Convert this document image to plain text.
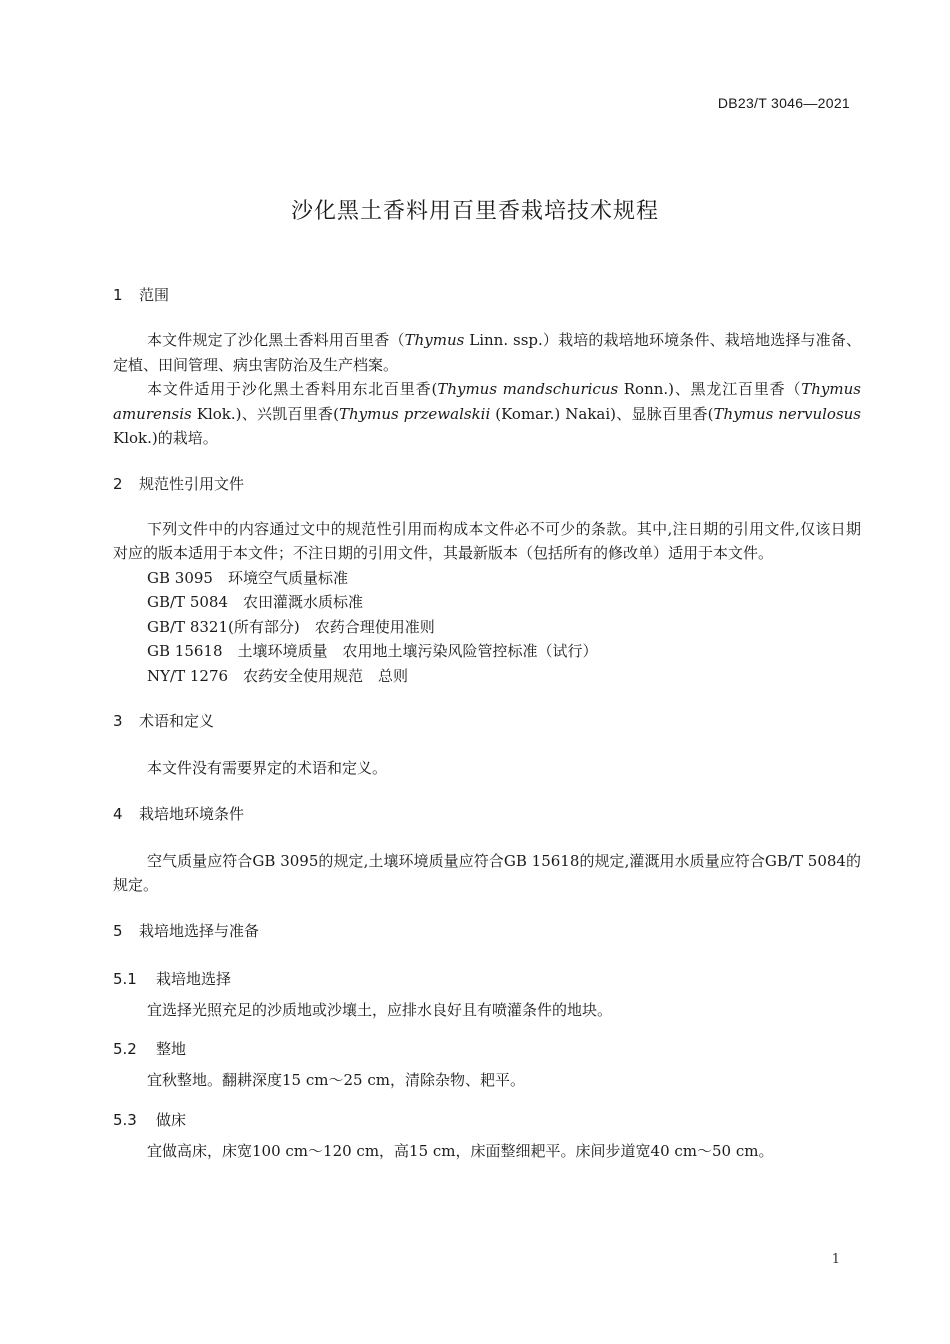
DB23/T 3046—2021
沙化黑土香料用百里香栽培技术规程
1	范围

本文件规定了沙化黑土香料用百里香（Thymus Linn. ssp.）栽培的栽培地环境条件、栽培地选择与准备、定植、田间管理、病虫害防治及生产档案。

本文件适用于沙化黑土香料用东北百里香(Thymus mandschuricus Ronn.)、黑龙江百里香（Thymus amurensis Klok.)、兴凯百里香(Thymus przewalskii (Komar.) Nakai)、显脉百里香(Thymus nervulosus Klok.)的栽培。

2	规范性引用文件

下列文件中的内容通过文中的规范性引用而构成本文件必不可少的条款。其中,注日期的引用文件,仅该日期对应的版本适用于本文件；不注日期的引用文件，其最新版本（包括所有的修改单）适用于本文件。

GB 3095　环境空气质量标准
GB/T 5084　农田灌溉水质标准
GB/T 8321(所有部分)　农药合理使用准则
GB 15618　土壤环境质量　农用地土壤污染风险管控标准（试行）
NY/T 1276　农药安全使用规范　总则
3	术语和定义

本文件没有需要界定的术语和定义。

4	栽培地环境条件

空气质量应符合GB 3095的规定,土壤环境质量应符合GB 15618的规定,灌溉用水质量应符合GB/T 5084的规定。

5	栽培地选择与准备
5.1	栽培地选择

宜选择光照充足的沙质地或沙壤土，应排水良好且有喷灌条件的地块。

5.2	整地

宜秋整地。翻耕深度15 cm～25 cm，清除杂物、耙平。

5.3	做床

宜做高床，床宽100 cm～120 cm，高15 cm，床面整细耙平。床间步道宽40 cm～50 cm。

1
